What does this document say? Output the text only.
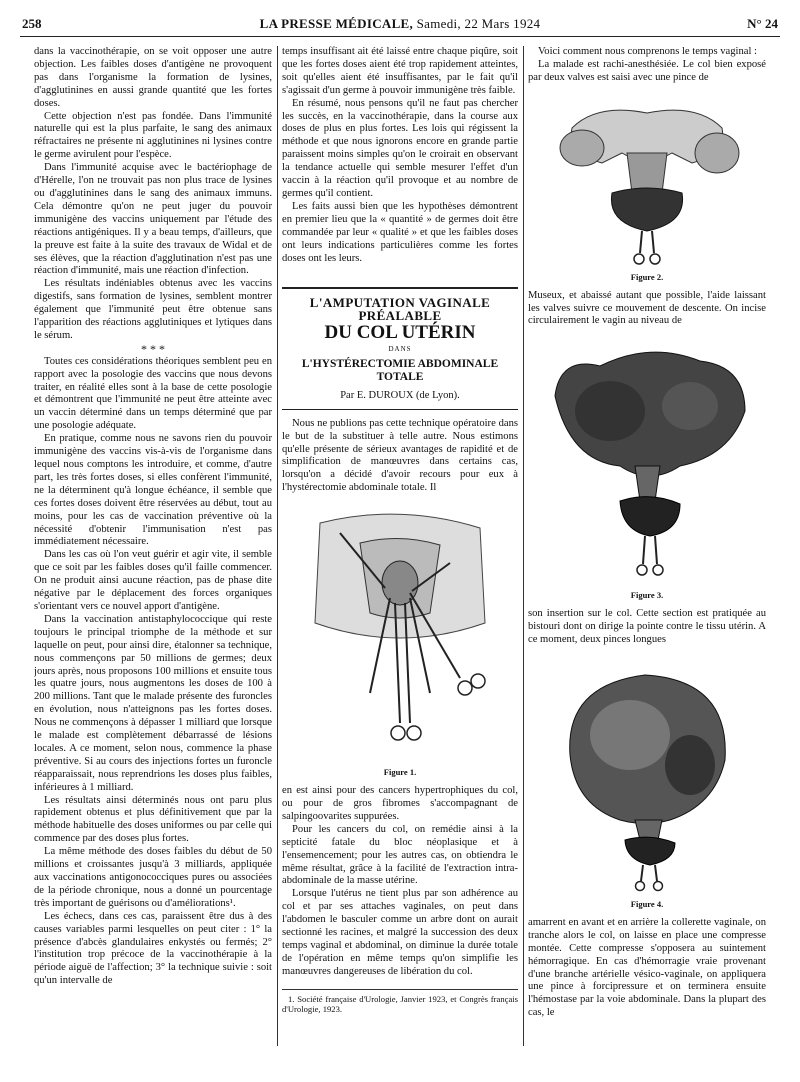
258	LA PRESSE MÉDICALE, Samedi, 22 Mars 1924	N° 24

dans la vaccinothérapie, on se voit opposer une autre objection. Les faibles doses d'antigène ne provoquent pas dans l'organisme la formation de lysines, d'agglutinines en aussi grande quantité que les fortes doses.

Cette objection n'est pas fondée. Dans l'immunité naturelle qui est la plus parfaite, le sang des animaux réfractaires ne présente ni agglutinines ni lysines contre le germe avirulent pour l'espèce.

Dans l'immunité acquise avec le bactériophage de d'Hérelle, l'on ne trouvait pas non plus trace de lysines ou d'agglutinines dans le sang des animaux immuns. Cela démontre qu'on ne peut juger du pouvoir immunigène des vaccins uniquement par l'étude des réactions antigéniques. Il y a beau temps, d'ailleurs, que la preuve est faite à la suite des travaux de Widal et de ses élèves, que la réaction d'agglutination n'est pas une réaction d'immunité, mais une réaction d'infection.

Les résultats indéniables obtenus avec les vaccins digestifs, sans formation de lysines, semblent montrer également que l'immunité peut être obtenue sans l'apparition des réactions agglutiniques et lytiques dans le sérum.

* * *

Toutes ces considérations théoriques semblent peu en rapport avec la posologie des vaccins que nous devons traiter, en réalité elles sont à la base de cette posologie et démontrent que l'immunité ne peut être atteinte avec un vaccin déterminé dans un temps déterminé que par une posologie adéquate.

En pratique, comme nous ne savons rien du pouvoir immunigène des vaccins vis-à-vis de l'organisme dans lequel nous comptons les introduire, et comme, d'autre part, les très fortes doses, si elles confèrent l'immunité, ne la déterminent qu'à longue échéance, il semble que ces fortes doses doivent être réservées au début, tout au moins, pour les cas de vaccination préventive où la nécessité d'obtenir l'immunisation n'est pas immédiatement nécessaire.

Dans les cas où l'on veut guérir et agir vite, il semble que ce soit par les faibles doses qu'il faille commencer. On ne produit ainsi aucune réaction, pas de phase dite négative par le déplacement des forces organiques s'orientant vers ce nouvel apport d'antigène.

Dans la vaccination antistaphylococcique qui reste toujours le principal triomphe de la méthode et sur laquelle on peut, pour ainsi dire, étalonner sa technique, nous commençons par 50 millions de germes; deux jours après, nous proposons 100 millions et ensuite tous les quatre jours, nous augmentons les doses de 100 à 200 millions. Tant que le malade présente des furoncles en évolution, nous n'atteignons pas les fortes doses. Nous ne commençons à dépasser 1 milliard que lorsque le malade est complètement débarrassé de lésions locales. A ce moment, selon nous, commence la phase préventive. Si au cours des injections fortes un furoncle réapparaissait, nous reprendrions les doses plus faibles, inférieures à 1 milliard.

Les résultats ainsi déterminés nous ont paru plus rapidement obtenus et plus définitivement que par la méthode habituelle des doses uniformes ou par celle qui commence par des doses plus fortes.

La même méthode des doses faibles du début de 50 millions et croissantes jusqu'à 3 milliards, appliquée aux vaccinations antigonococciques pures ou associées de la période chronique, nous a donné un pourcentage très important de guérisons ou d'améliorations¹.

Les échecs, dans ces cas, paraissent être dus à des causes variables parmi lesquelles on peut citer : 1° la présence d'abcès glandulaires enkystés ou fermés; 2° l'institution trop précoce de la vaccinothérapie à la période aiguë de l'affection; 3° la technique suivie : soit qu'un intervalle de

temps insuffisant ait été laissé entre chaque piqûre, soit que les fortes doses aient été trop rapidement atteintes, soit qu'elles aient été insuffisantes, par le fait qu'il s'agissait d'un germe à pouvoir immunigène très faible.

En résumé, nous pensons qu'il ne faut pas chercher les succès, en la vaccinothérapie, dans la course aux doses de plus en plus fortes. Les lois qui régissent la méthode et que nous ignorons encore en grande partie paraissent moins simples qu'on le croirait en observant la tendance actuelle qui semble mesurer l'effet d'un vaccin à la réaction qu'il provoque et au nombre de germes qu'il contient.

Les faits aussi bien que les hypothèses démontrent en premier lieu que la « quantité » de germes doit être commandée par leur « qualité » et que les faibles doses ont leurs indications particulières comme les fortes doses ont les leurs.

L'AMPUTATION VAGINALE PRÉALABLE
DU COL UTÉRIN
DANS
L'HYSTÉRECTOMIE ABDOMINALE TOTALE
Par E. DUROUX (de Lyon).

Nous ne publions pas cette technique opératoire dans le but de la substituer à telle autre. Nous estimons qu'elle présente de sérieux avantages de rapidité et de simplification de manœuvres dans certains cas, lorsqu'on a décidé d'avoir recours pour eux à l'hystérectomie abdominale totale. Il

Figure 1.

en est ainsi pour des cancers hypertrophiques du col, ou pour de gros fibromes s'accompagnant de salpingoovarites suppurées.

Pour les cancers du col, on remédie ainsi à la septicité fatale du bloc néoplasique et à l'ensemencement; pour les autres cas, on obtiendra le même résultat, grâce à la facilité de l'extraction intra-abdominale de la masse utérine.

Lorsque l'utérus ne tient plus par son adhérence au col et par ses attaches vaginales, on peut dans l'abdomen le basculer comme un arbre dont on aurait sectionné les racines, et malgré la succession des deux temps vaginal et abdominal, on diminue la durée totale de l'opération en même temps qu'on simplifie les manœuvres dangereuses de libération du col.

1. Société française d'Urologie, Janvier 1923, et Congrès français d'Urologie, 1923.

Voici comment nous comprenons le temps vaginal :

La malade est rachi-anesthésiée. Le col bien exposé par deux valves est saisi avec une pince de

Figure 2.

Museux, et abaissé autant que possible, l'aide laissant les valves suivre ce mouvement de descente. On incise circulairement le vagin au niveau de

Figure 3.

son insertion sur le col. Cette section est pratiquée au bistouri dont on dirige la pointe contre le tissu utérin. A ce moment, deux pinces longues

Figure 4.

amarrent en avant et en arrière la collerette vaginale, on tranche alors le col, on laisse en place une compresse montée. Cette compresse s'opposera au suintement hémorragique. En cas d'hémorragie vraie provenant d'une branche artérielle vésico-vaginale, on appliquera une pince à forcipressure et on terminera ensuite l'hémostase par la voie abdominale. Dans la plupart des cas, le
